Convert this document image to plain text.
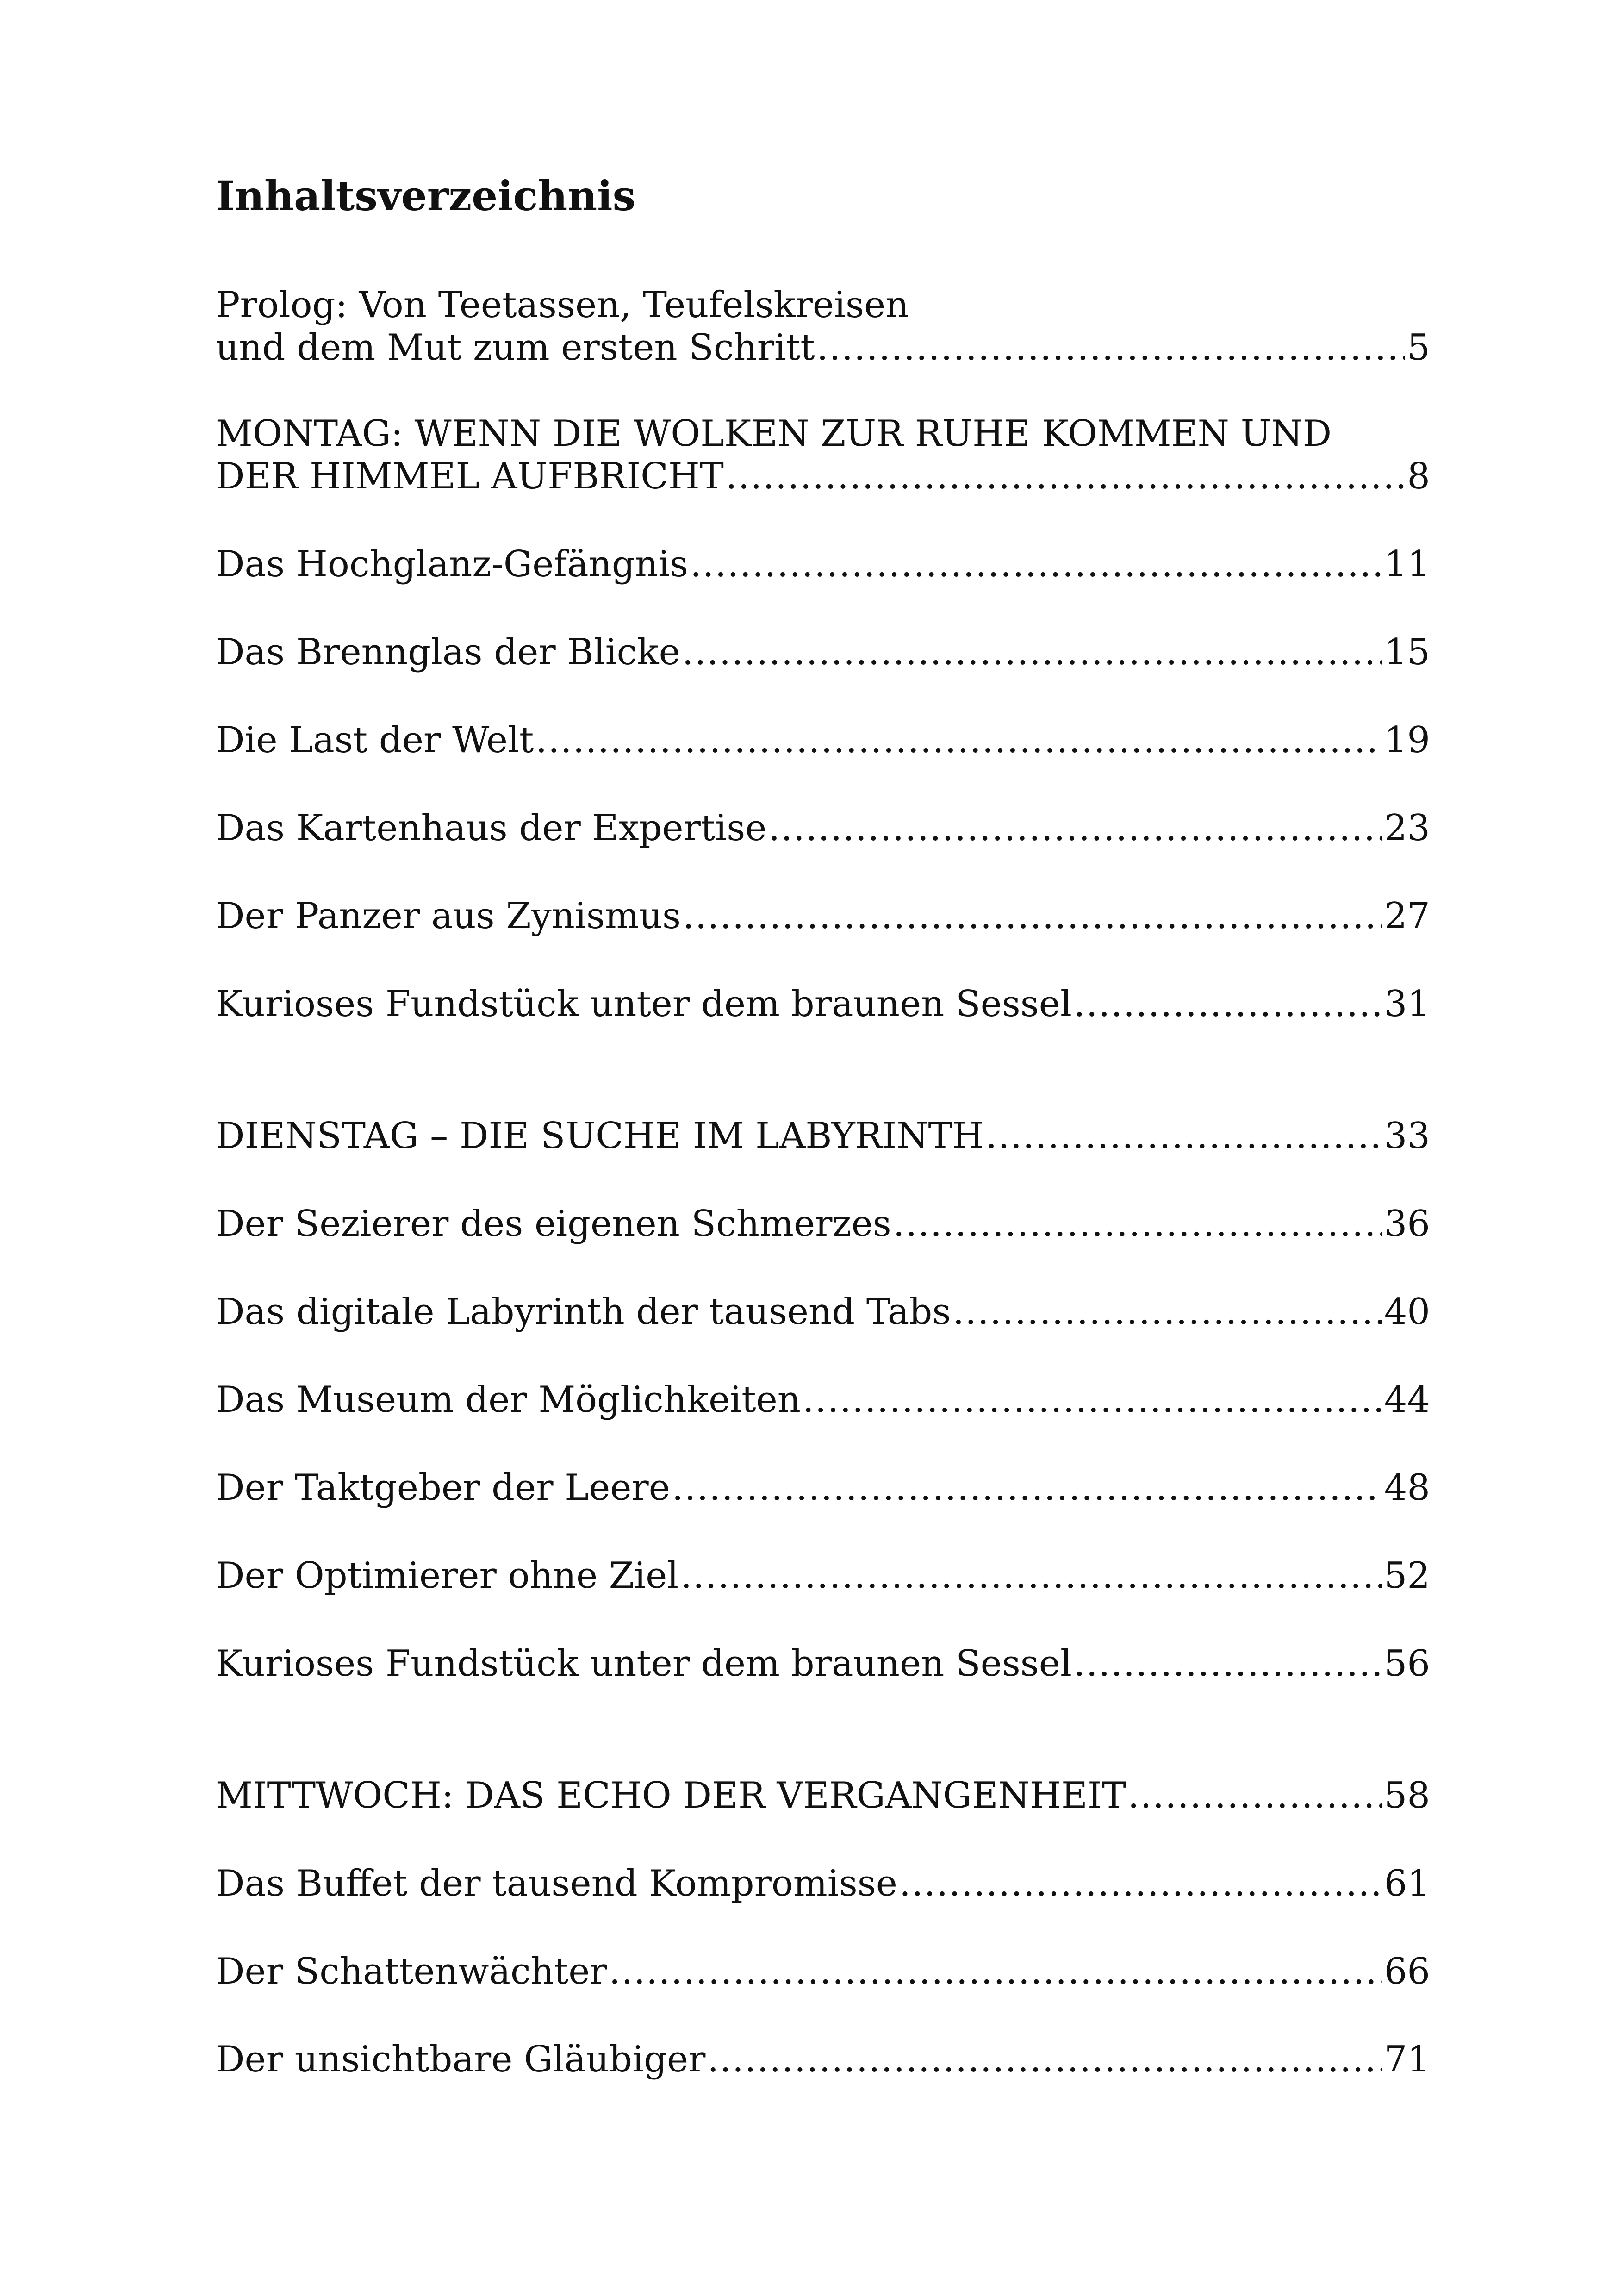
Inhaltsverzeichnis
Prolog: Von Teetassen, Teufelskreisen
und dem Mut zum ersten Schritt .....	5
MONTAG: WENN DIE WOLKEN ZUR RUHE KOMMEN UND
DER HIMMEL AUFBRICHT .....	8
Das Hochglanz-Gefängnis .....	11
Das Brennglas der Blicke .....	15
Die Last der Welt .....	19
Das Kartenhaus der Expertise .....	23
Der Panzer aus Zynismus .....	27
Kurioses Fundstück unter dem braunen Sessel .....	31
DIENSTAG – DIE SUCHE IM LABYRINTH .....	33
Der Sezierer des eigenen Schmerzes .....	36
Das digitale Labyrinth der tausend Tabs .....	40
Das Museum der Möglichkeiten .....	44
Der Taktgeber der Leere .....	48
Der Optimierer ohne Ziel .....	52
Kurioses Fundstück unter dem braunen Sessel .....	56
MITTWOCH: DAS ECHO DER VERGANGENHEIT .....	58
Das Buffet der tausend Kompromisse .....	61
Der Schattenwächter .....	66
Der unsichtbare Gläubiger .....	71
